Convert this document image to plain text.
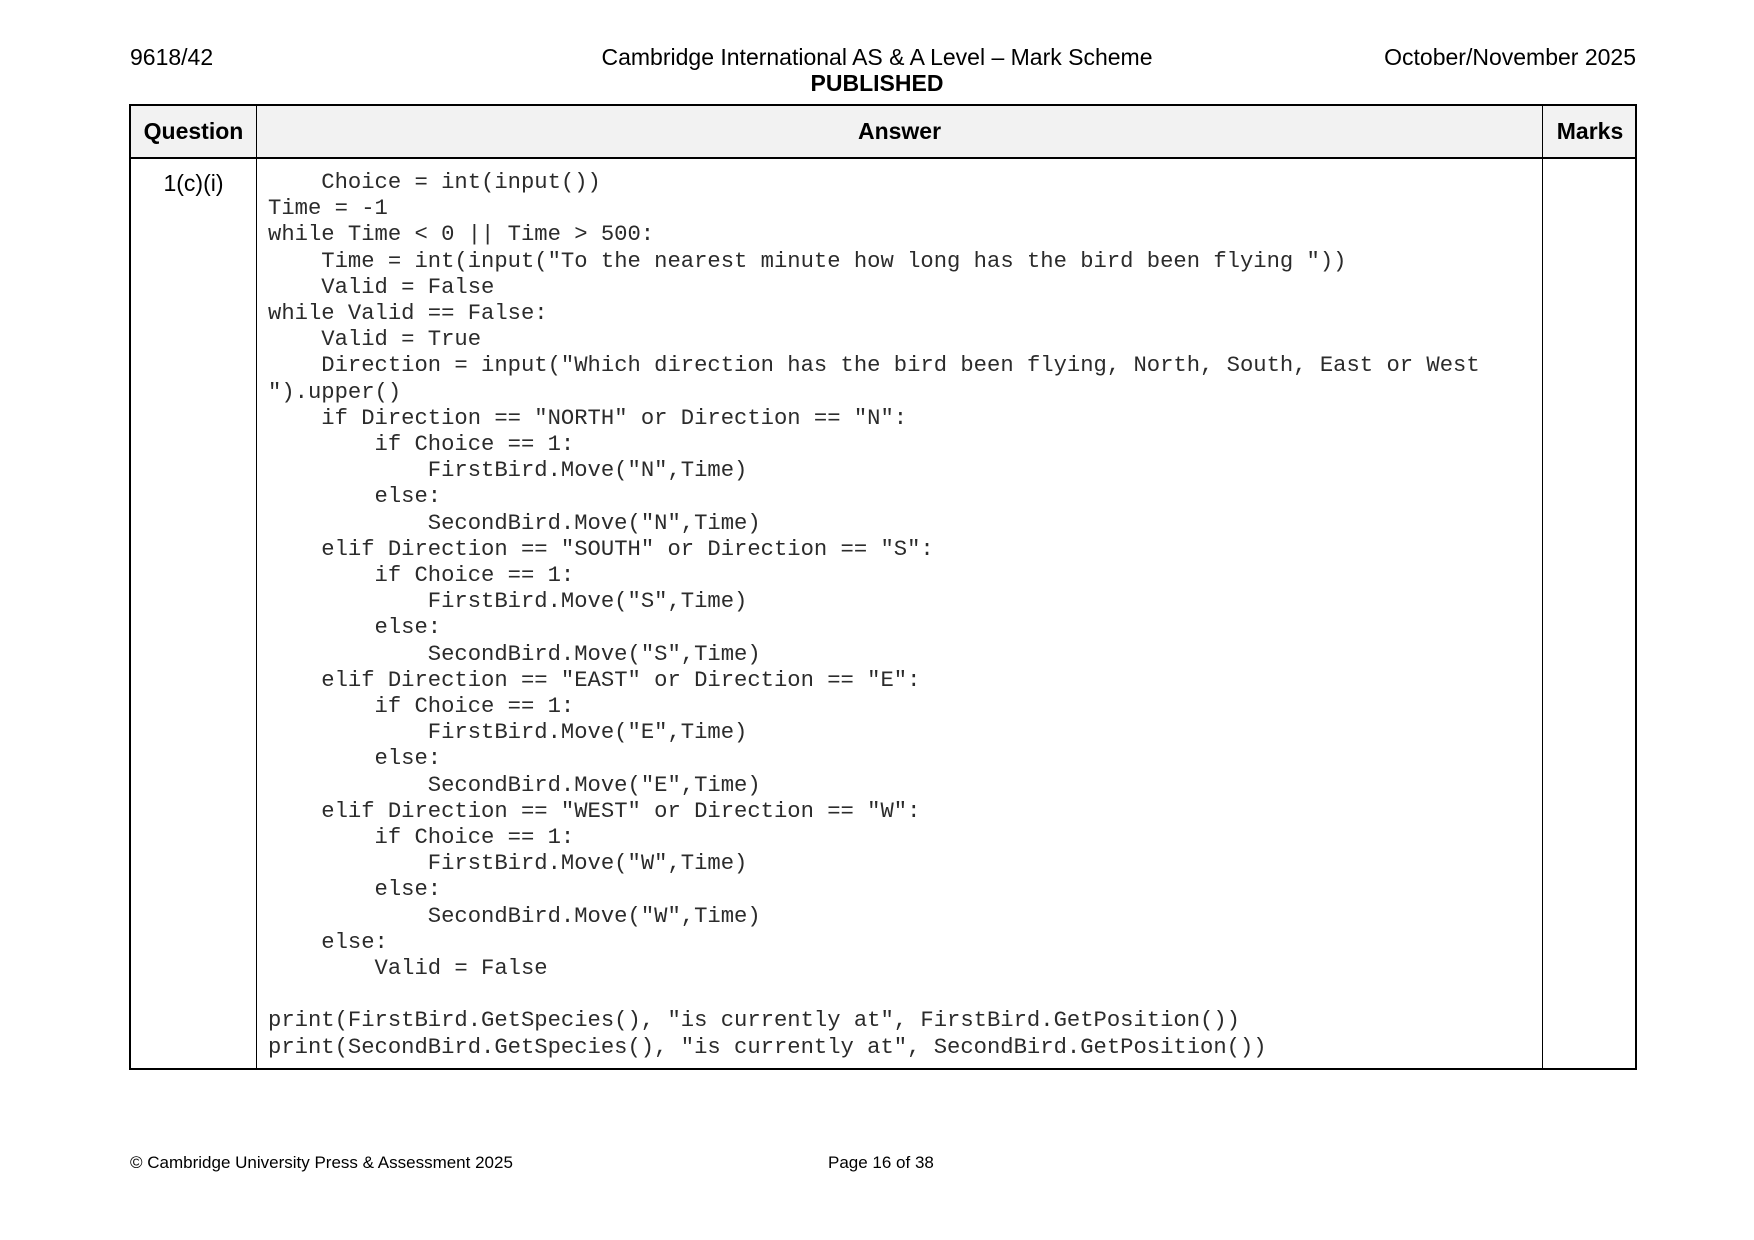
9618/42	Cambridge International AS & A Level – Mark Scheme
PUBLISHED
October/November 2025
Question	Answer	Marks
1(c)(i)	Choice = int(input())
Time = -1
while Time < 0 || Time > 500:
Time = int(input("To the nearest minute how long has the bird been flying "))
Valid = False
while Valid == False:
Valid = True
Direction = input("Which direction has the bird been flying, North, South, East or West ").upper()
if Direction == "NORTH" or Direction == "N":
if Choice == 1:
FirstBird.Move("N",Time)
else:
SecondBird.Move("N",Time)
elif Direction == "SOUTH" or Direction == "S":
if Choice == 1:
FirstBird.Move("S",Time)
else:
SecondBird.Move("S",Time)
elif Direction == "EAST" or Direction == "E":
if Choice == 1:
FirstBird.Move("E",Time)
else:
SecondBird.Move("E",Time)
elif Direction == "WEST" or Direction == "W":
if Choice == 1:
FirstBird.Move("W",Time)
else:
SecondBird.Move("W",Time)
else:
Valid = False
print(FirstBird.GetSpecies(), "is currently at", FirstBird.GetPosition())
print(SecondBird.GetSpecies(), "is currently at", SecondBird.GetPosition())
© Cambridge University Press & Assessment 2025	Page 16 of 38
